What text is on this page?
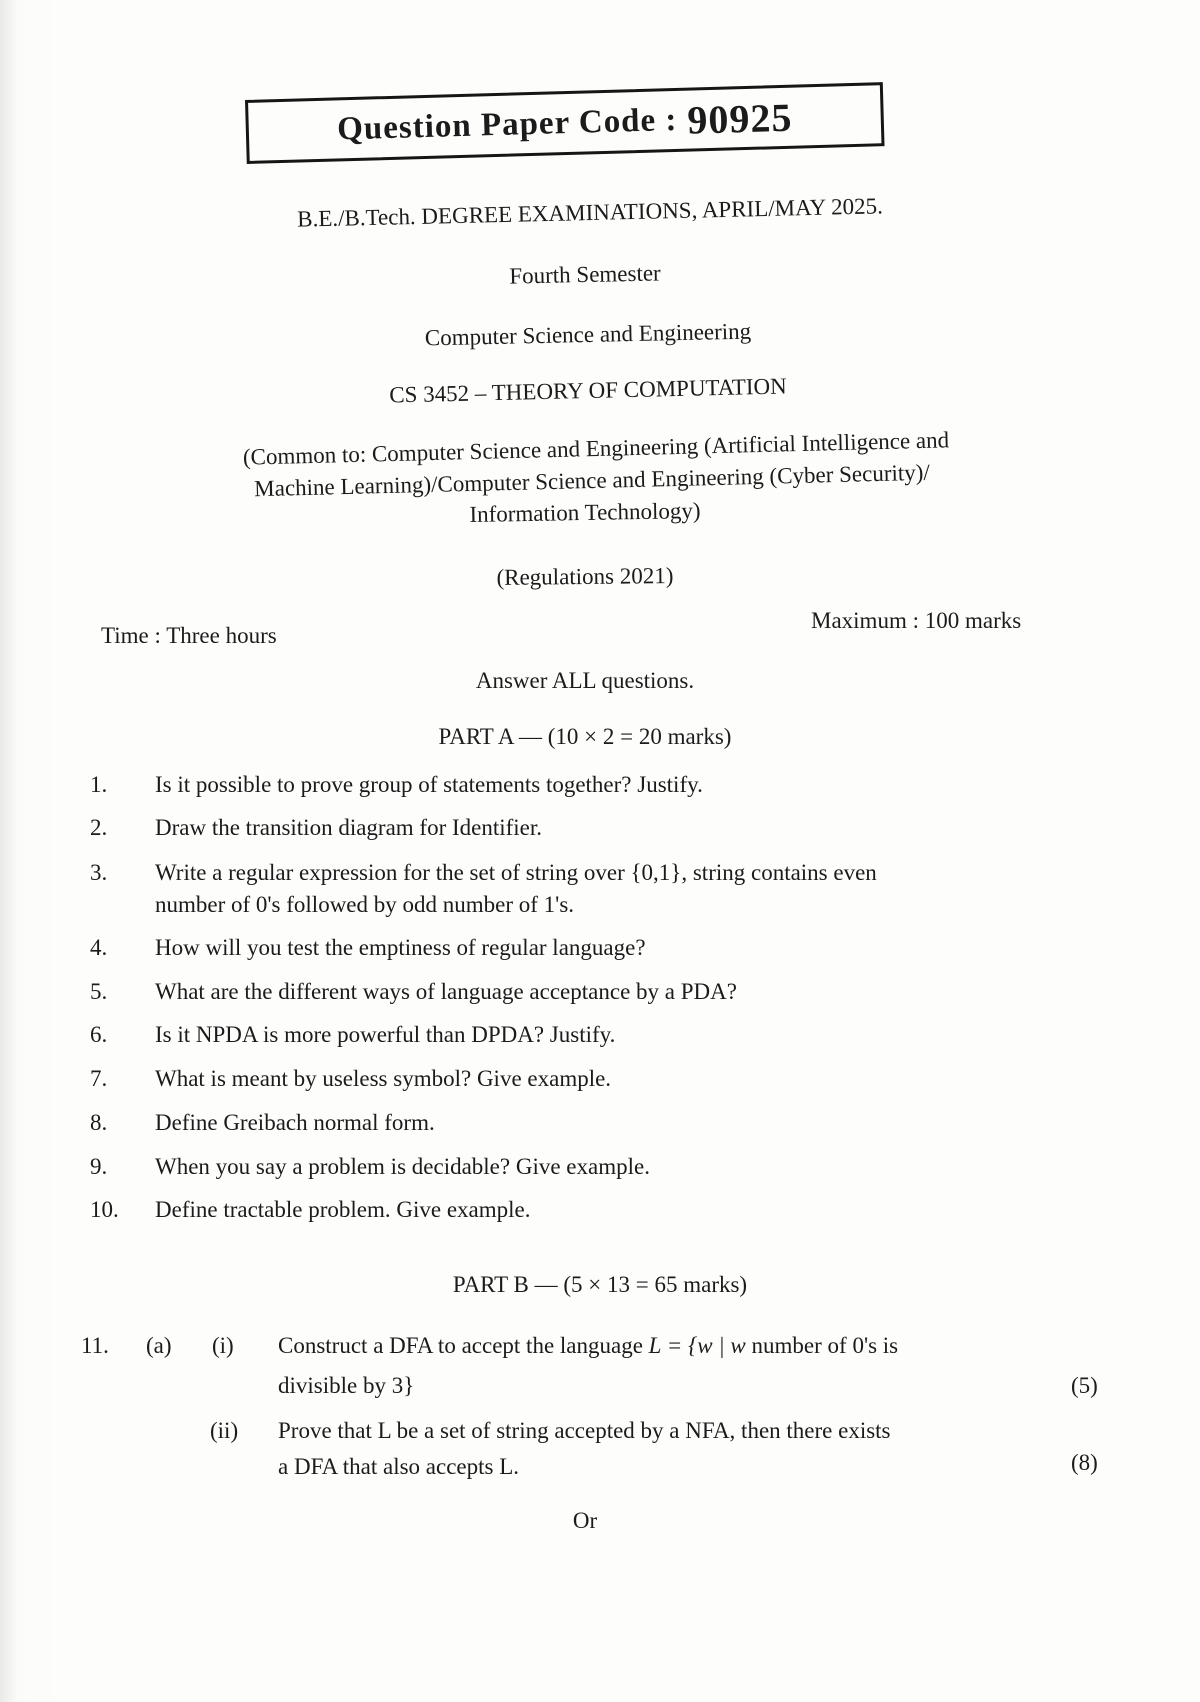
Question Paper Code : 90925
B.E./B.Tech. DEGREE EXAMINATIONS, APRIL/MAY 2025.
Fourth Semester
Computer Science and Engineering
CS 3452 – THEORY OF COMPUTATION
(Common to: Computer Science and Engineering (Artificial Intelligence and
Machine Learning)/Computer Science and Engineering (Cyber Security)/
Information Technology)
(Regulations 2021)
Time : Three hours
Maximum : 100 marks
Answer ALL questions.
PART A — (10 × 2 = 20 marks)
1. Is it possible to prove group of statements together? Justify.
2. Draw the transition diagram for Identifier.
3. Write a regular expression for the set of string over {0,1}, string contains even
number of 0's followed by odd number of 1's.
4. How will you test the emptiness of regular language?
5. What are the different ways of language acceptance by a PDA?
6. Is it NPDA is more powerful than DPDA? Justify.
7. What is meant by useless symbol? Give example.
8. Define Greibach normal form.
9. When you say a problem is decidable? Give example.
10. Define tractable problem. Give example.
PART B — (5 × 13 = 65 marks)
11. (a) (i) Construct a DFA to accept the language L = {w | w number of 0's is
divisible by 3}	(5)
(ii) Prove that L be a set of string accepted by a NFA, then there exists
a DFA that also accepts L.	(8)
Or
